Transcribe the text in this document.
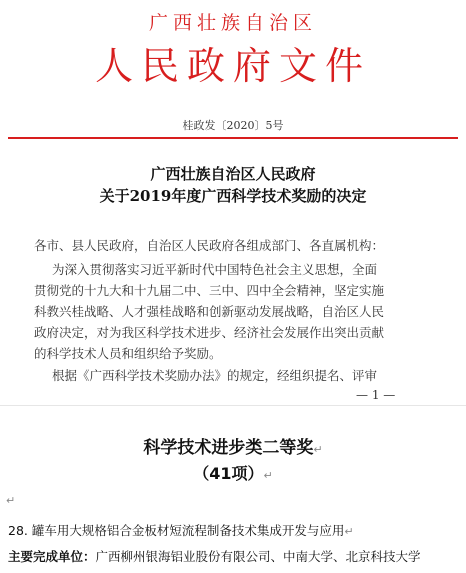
广西壮族自治区
人民政府文件
桂政发〔2020〕5号
广西壮族自治区人民政府
关于2019年度广西科学技术奖励的决定
各市、县人民政府，自治区人民政府各组成部门、各直属机构：
为深入贯彻落实习近平新时代中国特色社会主义思想，全面
贯彻党的十九大和十九届二中、三中、四中全会精神，坚定实施
科教兴桂战略、人才强桂战略和创新驱动发展战略，自治区人民
政府决定，对为我区科学技术进步、经济社会发展作出突出贡献
的科学技术人员和组织给予奖励。
根据《广西科学技术奖励办法》的规定，经组织提名、评审
— 1 —
科学技术进步类二等奖↵
（41项）↵
↵
28. 罐车用大规格铝合金板材短流程制备技术集成开发与应用↵
主要完成单位：广西柳州银海铝业股份有限公司、中南大学、北京科技大学
